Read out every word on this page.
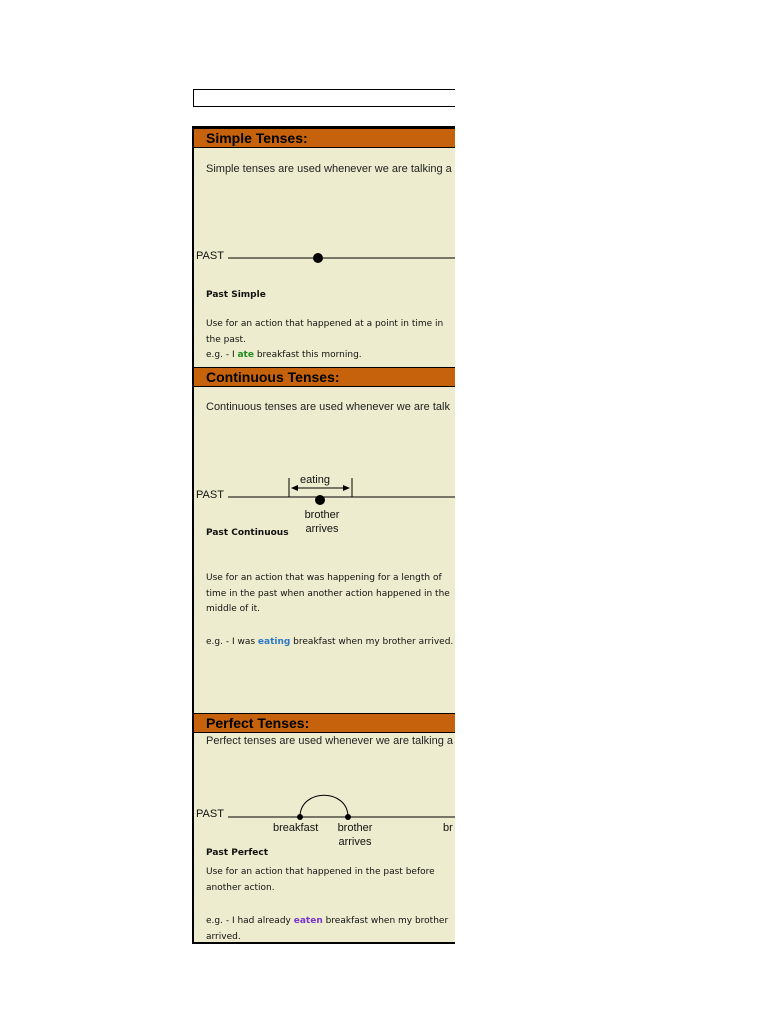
Simple Tenses:
Simple tenses are used whenever we are talking a
PAST
Past Simple
Use for an action that happened at a point in time in the past.
e.g. - I ate breakfast this morning.
Continuous Tenses:
Continuous tenses are used whenever we are talk
PAST
eating
brother
arrives
Past Continuous
Use for an action that was happening for a length of time in the past when another action happened in the middle of it.
e.g. - I was eating breakfast when my brother arrived.
Perfect Tenses:
Perfect tenses are used whenever we are talking a
PAST
breakfast	brother
arrives
br
Past Perfect
Use for an action that happened in the past before another action.
e.g. - I had already eaten breakfast when my brother arrived.
